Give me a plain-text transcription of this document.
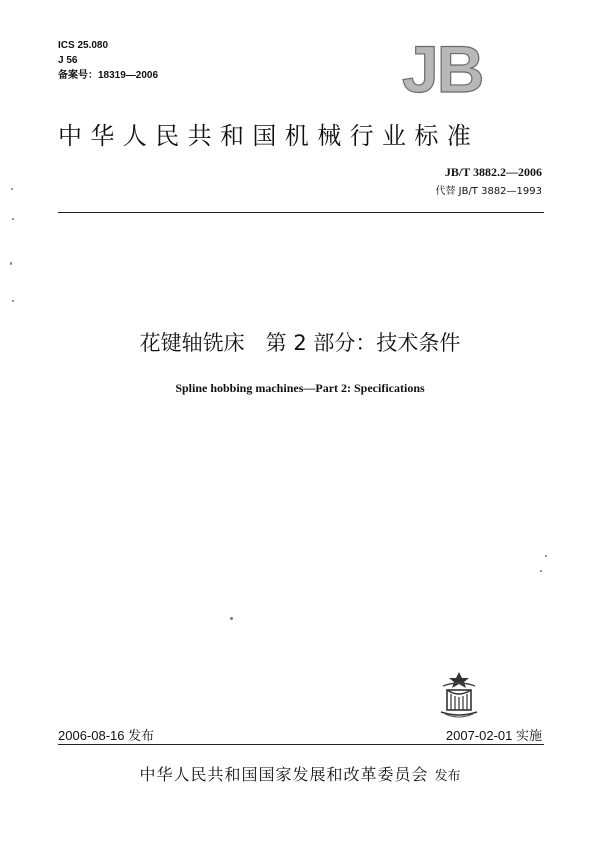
ICS 25.080
J 56
备案号：18319—2006	JB
中华人民共和国机械行业标准
JB/T 3882.2—2006
代替 JB/T 3882—1993
花键轴铣床　第 2 部分：技术条件
Spline hobbing machines—Part 2: Specifications
2006-08-16 发布	2007-02-01 实施
中华人民共和国国家发展和改革委员会 发布
